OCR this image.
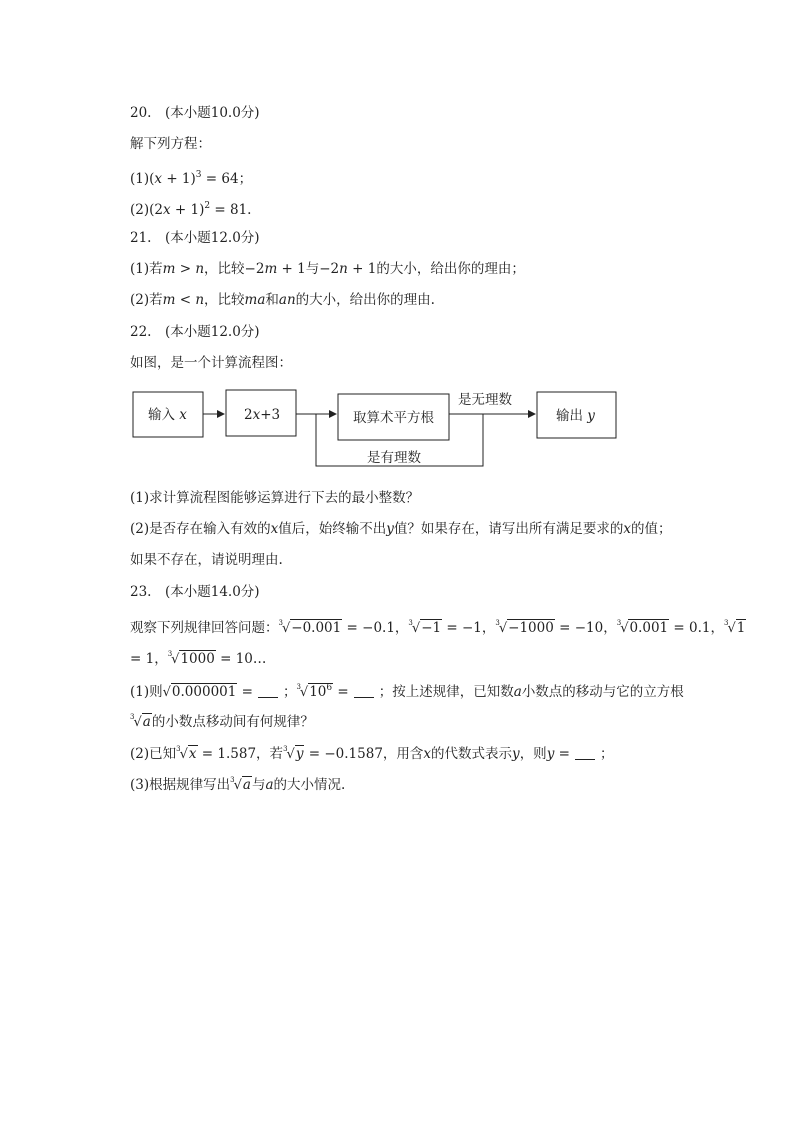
20.　(本小题10.0分)
解下列方程：
$(1)(x + 1)^3 = 64$；
$(2)(2x + 1)^2 = 81$.
21.　(本小题12.0分)
(1)若m > n，比较−2m + 1与−2n + 1的大小，给出你的理由；
(2)若m < n，比较ma和an的大小，给出你的理由.
22.　(本小题12.0分)
如图，是一个计算流程图：
输入 x	2x+3	取算术平方根
是无理数
输出 y
是有理数
(1)求计算流程图能够运算进行下去的最小整数？
(2)是否存在输入有效的x值后，始终输不出y值？如果存在，请写出所有满足要求的x的值；
如果不存在，请说明理由.
23.　(本小题14.0分)
观察下列规律回答问题：$^3$√−0.001 = −0.1，$^3$√−1 = −1，$^3$√−1000 = −10，$^3$√0.001 = 0.1，$^3$√1
= 1，$^3$√1000 = 10…
(1)则√0.000001 = ；$^3√10^6$ = ；按上述规律，已知数a小数点的移动与它的立方根
$^3$√a的小数点移动间有何规律？
(2)已知$^3$√x = 1.587，若$^3$√y = −0.1587，用含x的代数式表示y，则y = ；
(3)根据规律写出$^3$√a与a的大小情况.
